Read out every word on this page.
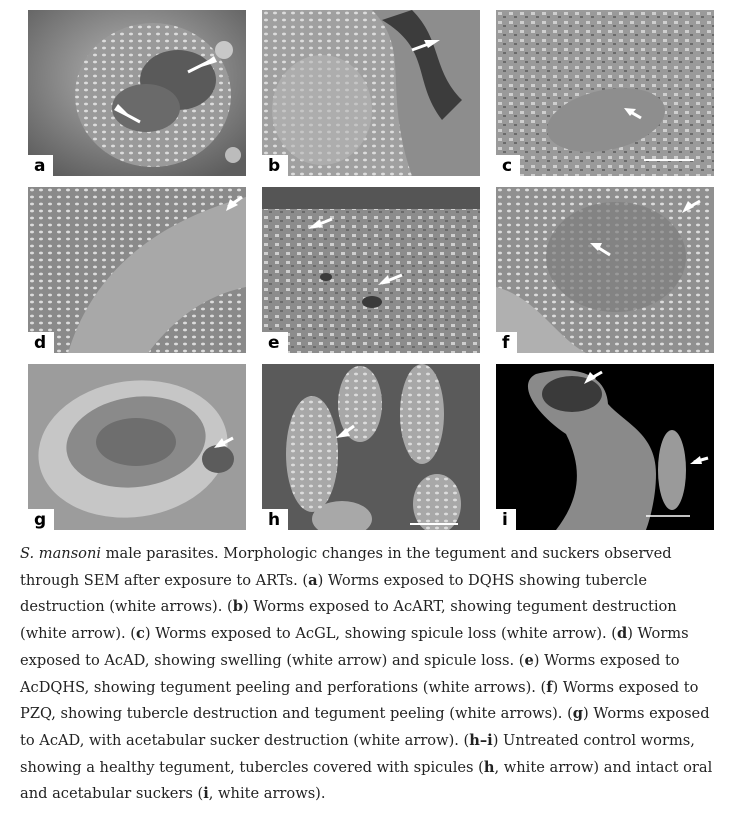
a	b	c
d	e	f
g	h	i

S. mansoni male parasites. Morphologic changes in the tegument and suckers observed through SEM after exposure to ARTs. (a) Worms exposed to DQHS showing tubercle destruction (white arrows). (b) Worms exposed to AcART, showing tegument destruction (white arrow). (c) Worms exposed to AcGL, showing spicule loss (white arrow). (d) Worms exposed to AcAD, showing swelling (white arrow) and spicule loss. (e) Worms exposed to AcDQHS, showing tegument peeling and perforations (white arrows). (f) Worms exposed to PZQ, showing tubercle destruction and tegument peeling (white arrows). (g) Worms exposed to AcAD, with acetabular sucker destruction (white arrow). (h–i) Untreated control worms, showing a healthy tegument, tubercles covered with spicules (h, white arrow) and intact oral and acetabular suckers (i, white arrows).
